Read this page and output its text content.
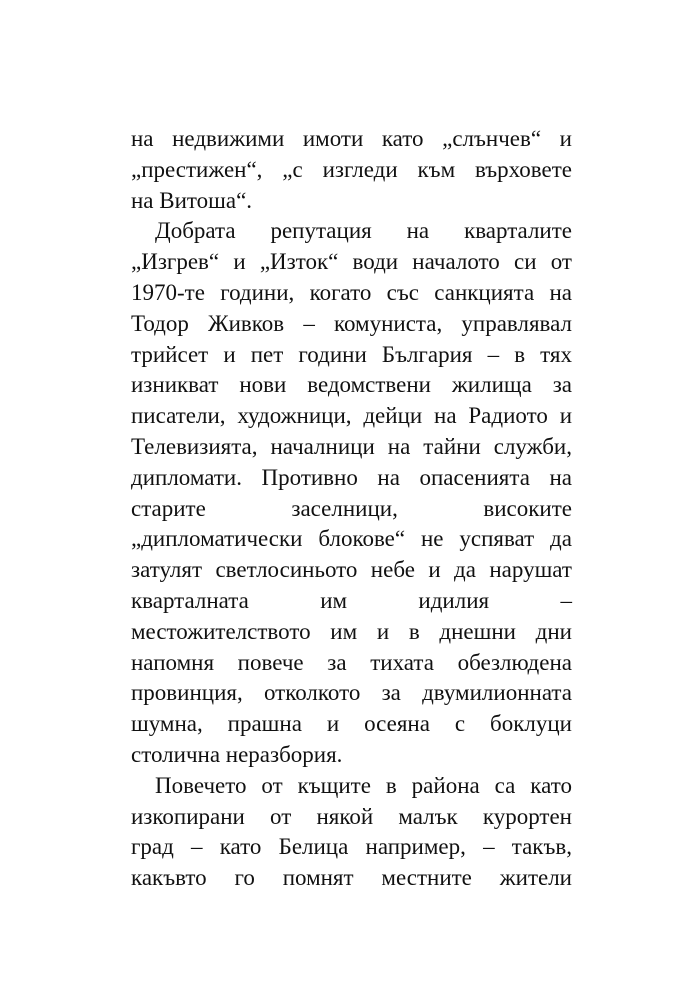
на недвижими имоти като „слънчев“ и
„престижен“, „с изгледи към върховете
на Витоша“.
Добрата репутация на кварталите
„Изгрев“ и „Изток“ води началото си от
1970-те години, когато със санкцията на
Тодор Живков – комуниста, управлявал
трийсет и пет години България – в тях
изникват нови ведомствени жилища за
писатели, художници, дейци на Радиото и
Телевизията, началници на тайни служби,
дипломати. Противно на опасенията на
старите	заселници,	високите
„дипломатически блокове“ не успяват да
затулят светлосиньото небе и да нарушат
кварталната	им	идилия	–
местожителството им и в днешни дни
напомня повече за тихата обезлюдена
провинция, отколкото за двумилионната
шумна, прашна и осеяна с боклуци
столична неразбория.
Повечето от къщите в района са като
изкопирани от някой малък курортен
град – като Белица например, – такъв,
какъвто го помнят местните жители
